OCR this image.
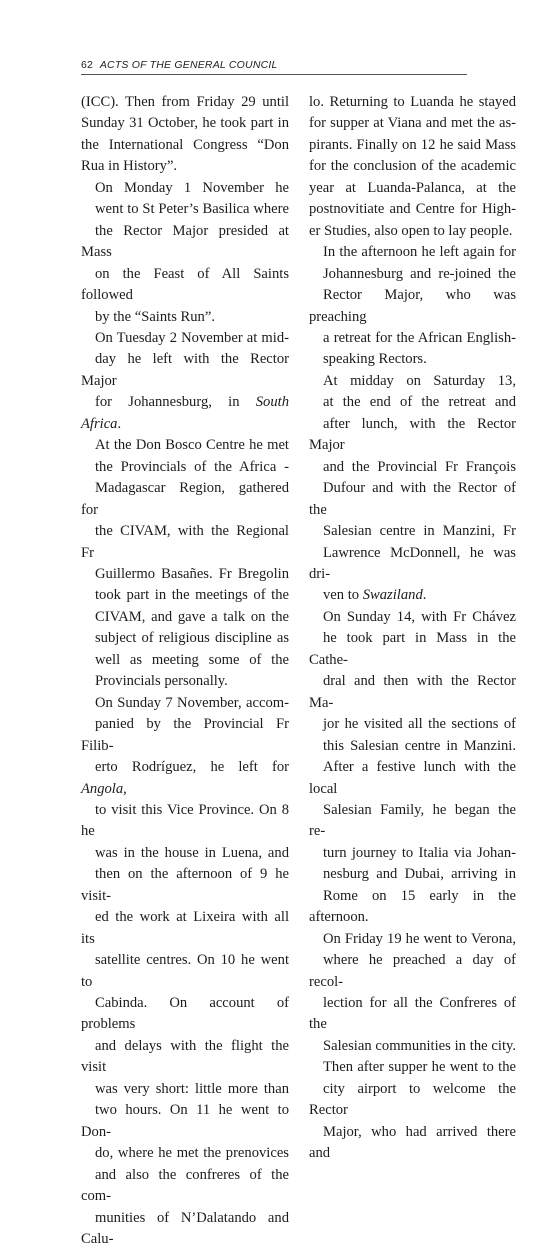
62 ACTS OF THE GENERAL COUNCIL

(ICC). Then from Friday 29 until
Sunday 31 October, he took part in
the International Congress “Don
Rua in History”.

On Monday 1 November he
went to St Peter’s Basilica where
the Rector Major presided at Mass
on the Feast of All Saints followed
by the “Saints Run”.

On Tuesday 2 November at mid-
day he left with the Rector Major
for Johannesburg, in South Africa.
At the Don Bosco Centre he met
the Provincials of the Africa -
Madagascar Region, gathered for
the CIVAM, with the Regional Fr
Guillermo Basañes. Fr Bregolin
took part in the meetings of the
CIVAM, and gave a talk on the
subject of religious discipline as
well as meeting some of the
Provincials personally.

On Sunday 7 November, accom-
panied by the Provincial Fr Filib-
erto Rodríguez, he left for Angola,
to visit this Vice Province. On 8 he
was in the house in Luena, and
then on the afternoon of 9 he visit-
ed the work at Lixeira with all its
satellite centres. On 10 he went to
Cabinda. On account of problems
and delays with the flight the visit
was very short: little more than
two hours. On 11 he went to Don-
do, where he met the prenovices
and also the confreres of the com-
munities of N’Dalatando and Calu-

lo. Returning to Luanda he stayed
for supper at Viana and met the as-
pirants. Finally on 12 he said Mass
for the conclusion of the academic
year at Luanda-Palanca, at the
postnovitiate and Centre for High-
er Studies, also open to lay people.

In the afternoon he left again for
Johannesburg and re-joined the
Rector Major, who was preaching
a retreat for the African English-
speaking Rectors.

At midday on Saturday 13,
at the end of the retreat and
after lunch, with the Rector Major
and the Provincial Fr François
Dufour and with the Rector of the
Salesian centre in Manzini, Fr
Lawrence McDonnell, he was dri-
ven to Swaziland.

On Sunday 14, with Fr Chávez
he took part in Mass in the Cathe-
dral and then with the Rector Ma-
jor he visited all the sections of
this Salesian centre in Manzini.
After a festive lunch with the local
Salesian Family, he began the re-
turn journey to Italia via Johan-
nesburg and Dubai, arriving in
Rome on 15 early in the afternoon.

On Friday 19 he went to Verona,
where he preached a day of recol-
lection for all the Confreres of the
Salesian communities in the city.
Then after supper he went to the
city airport to welcome the Rector
Major, who had arrived there and
